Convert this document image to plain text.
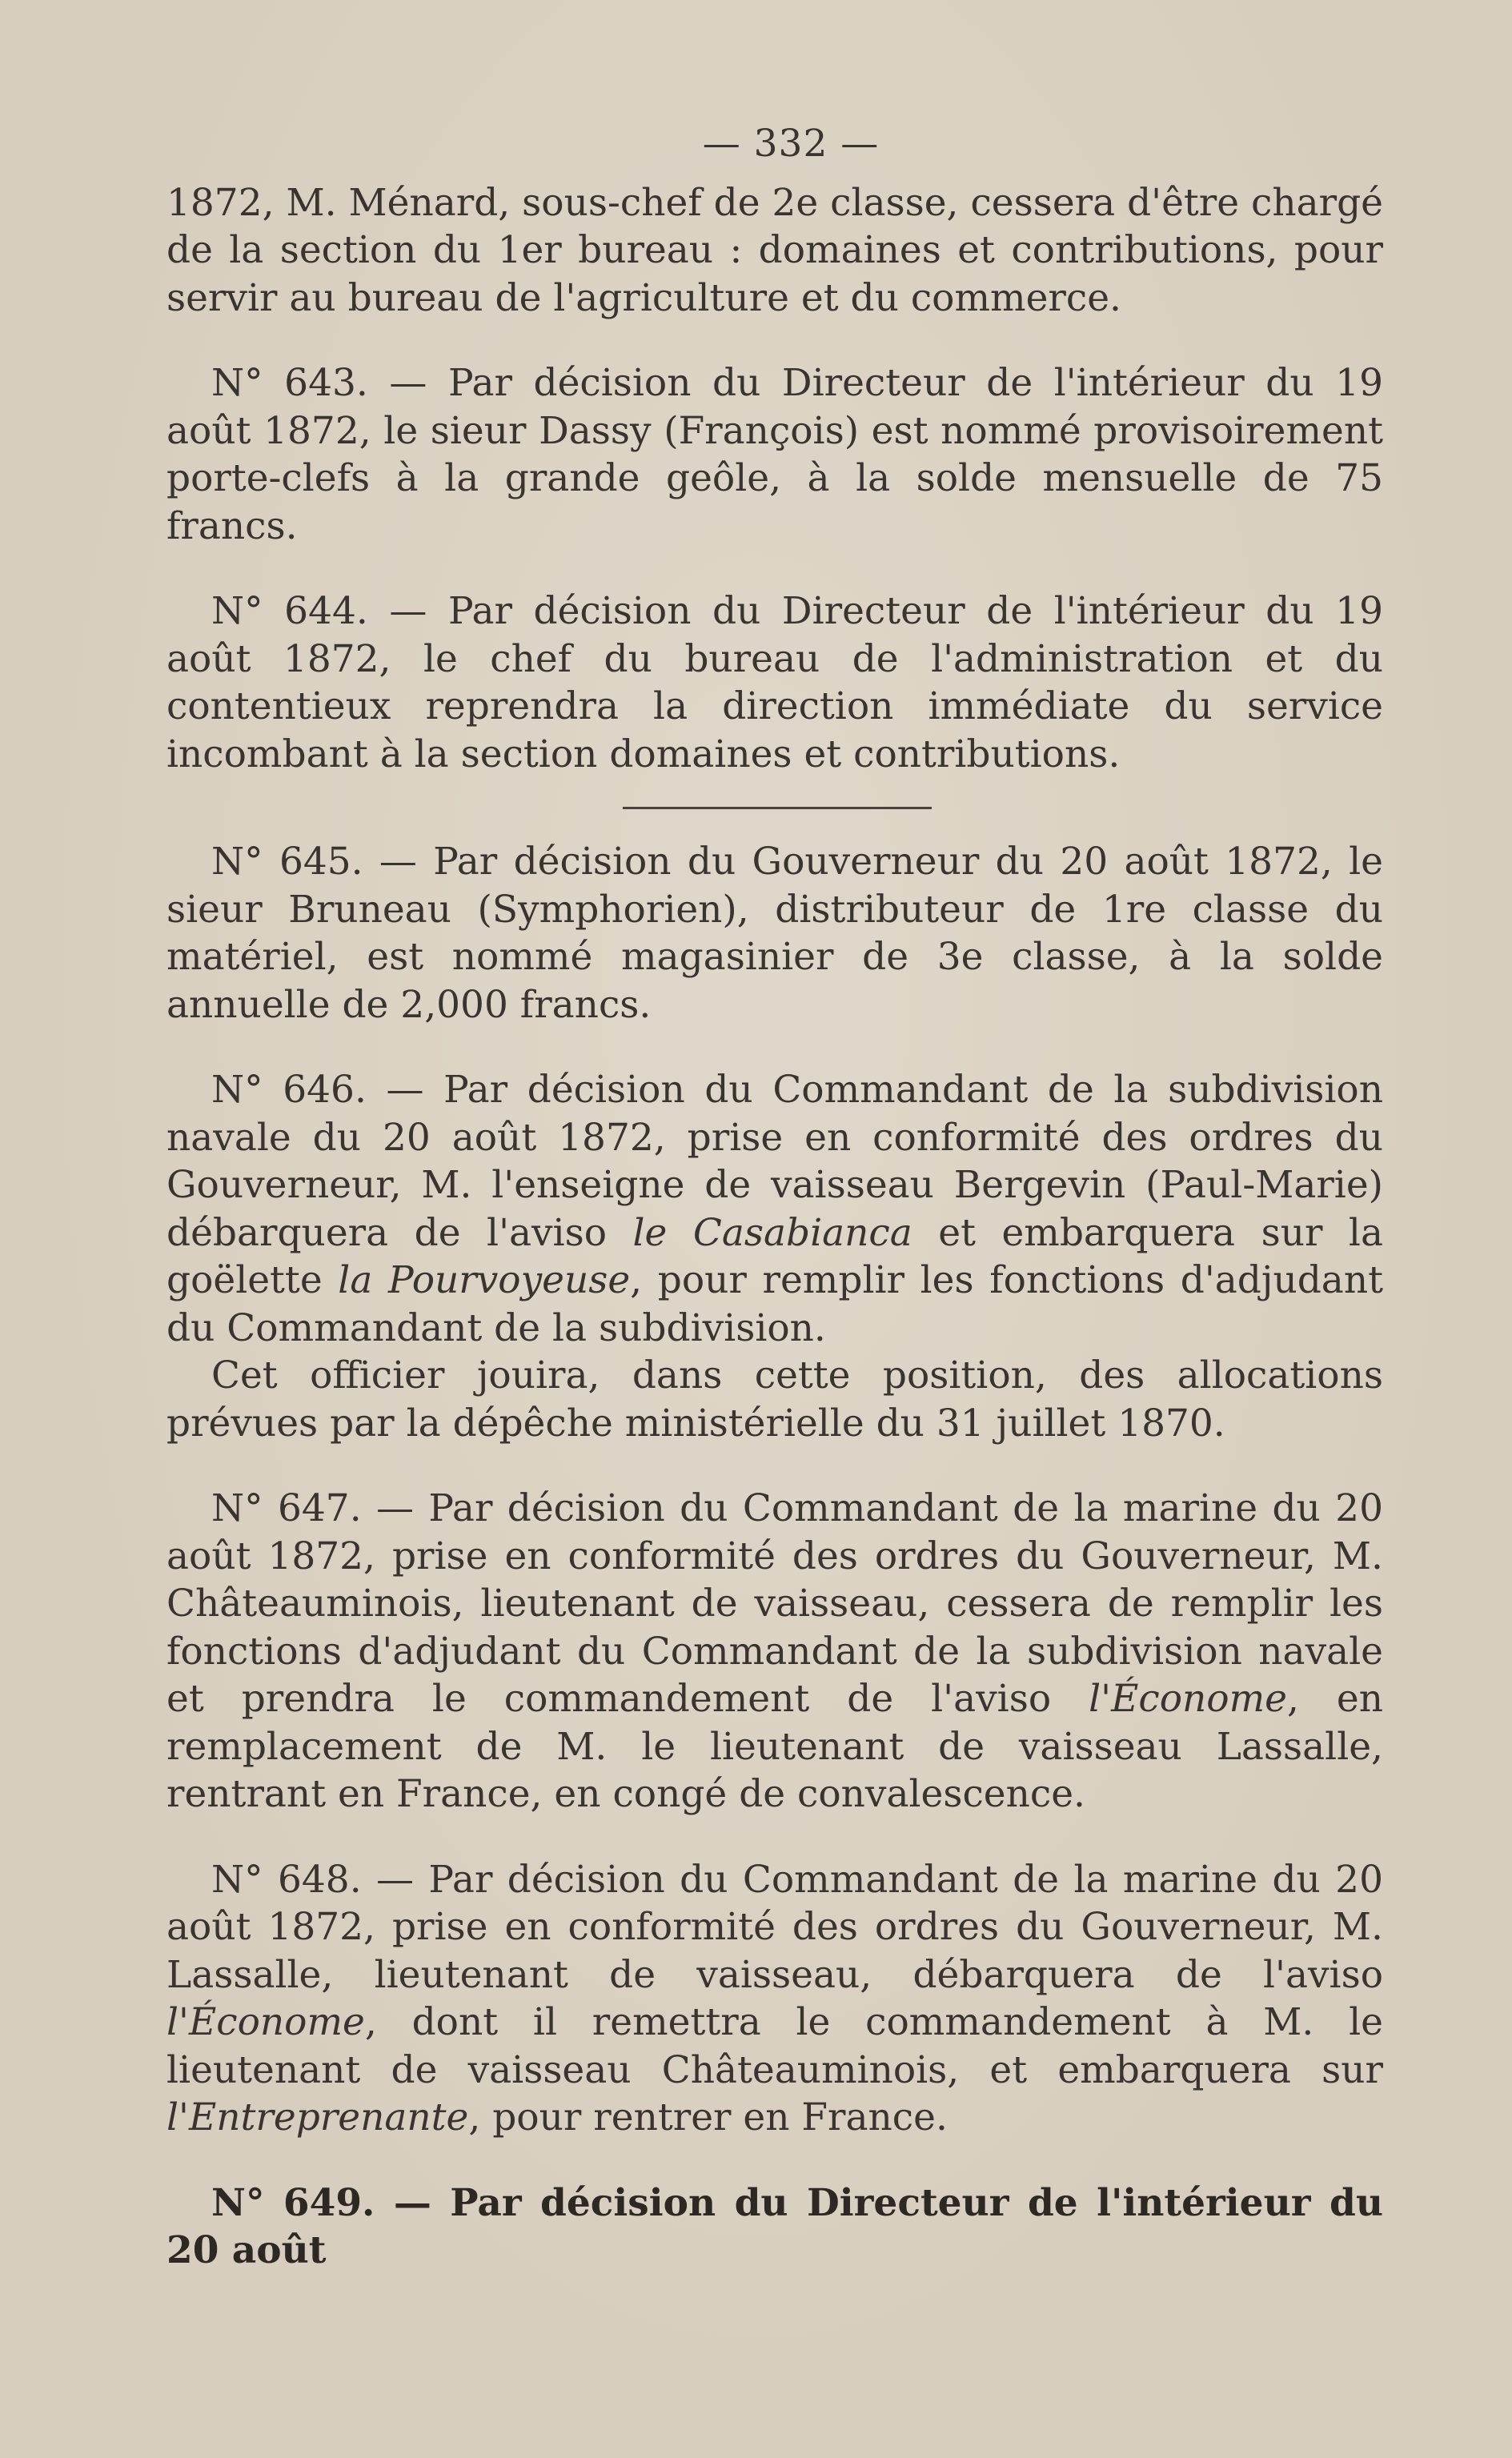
— 332 —

1872, M. Ménard, sous-chef de 2e classe, cessera d'être chargé de la section du 1er bureau : domaines et contributions, pour servir au bureau de l'agriculture et du commerce.

N° 643. — Par décision du Directeur de l'intérieur du 19 août 1872, le sieur Dassy (François) est nommé provisoirement porte-clefs à la grande geôle, à la solde mensuelle de 75 francs.

N° 644. — Par décision du Directeur de l'intérieur du 19 août 1872, le chef du bureau de l'administration et du contentieux reprendra la direction immédiate du service incombant à la section domaines et contributions.

N° 645. — Par décision du Gouverneur du 20 août 1872, le sieur Bruneau (Symphorien), distributeur de 1re classe du matériel, est nommé magasinier de 3e classe, à la solde annuelle de 2,000 francs.

N° 646. — Par décision du Commandant de la subdivision navale du 20 août 1872, prise en conformité des ordres du Gouverneur, M. l'enseigne de vaisseau Bergevin (Paul-Marie) débarquera de l'aviso le Casabianca et embarquera sur la goëlette la Pourvoyeuse, pour remplir les fonctions d'adjudant du Commandant de la subdivision.

Cet officier jouira, dans cette position, des allocations prévues par la dépêche ministérielle du 31 juillet 1870.

N° 647. — Par décision du Commandant de la marine du 20 août 1872, prise en conformité des ordres du Gouverneur, M. Châteauminois, lieutenant de vaisseau, cessera de remplir les fonctions d'adjudant du Commandant de la subdivision navale et prendra le commandement de l'aviso l'Économe, en remplacement de M. le lieutenant de vaisseau Lassalle, rentrant en France, en congé de convalescence.

N° 648. — Par décision du Commandant de la marine du 20 août 1872, prise en conformité des ordres du Gouverneur, M. Lassalle, lieutenant de vaisseau, débarquera de l'aviso l'Économe, dont il remettra le commandement à M. le lieutenant de vaisseau Châteauminois, et embarquera sur l'Entreprenante, pour rentrer en France.

N° 649. — Par décision du Directeur de l'intérieur du 20 août
